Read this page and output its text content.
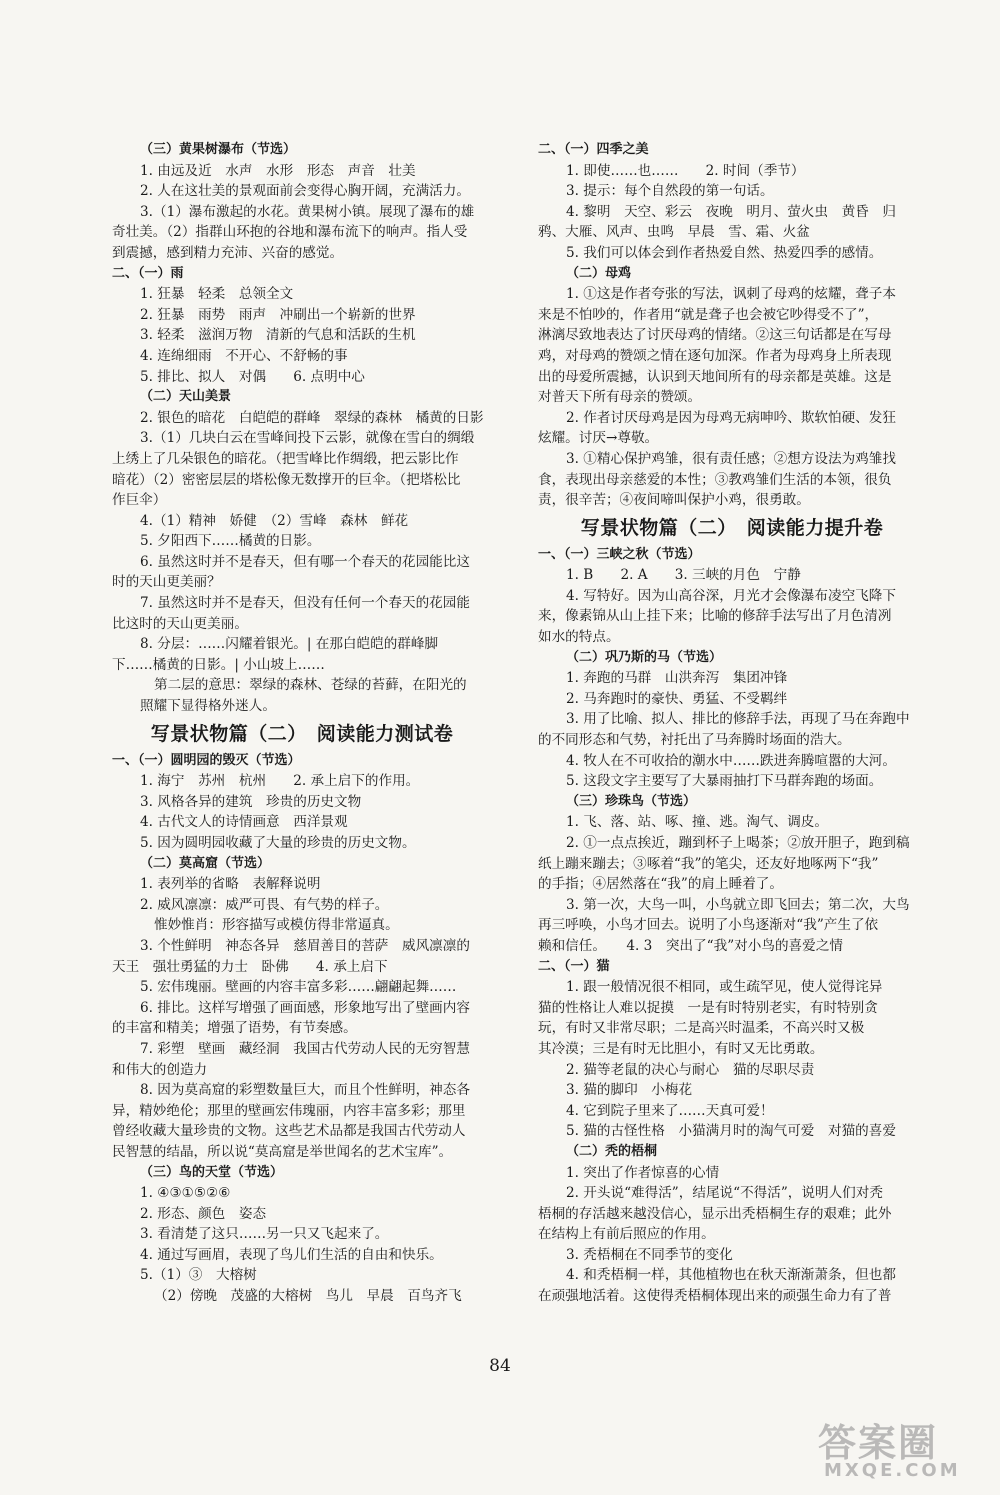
（三）黄果树瀑布（节选）
1. 由远及近　水声　水形　形态　声音　壮美
2. 人在这壮美的景观面前会变得心胸开阔，充满活力。
3.（1）瀑布激起的水花。黄果树小镇。展现了瀑布的雄
奇壮美。（2）指群山环抱的谷地和瀑布流下的响声。指人受
到震撼，感到精力充沛、兴奋的感觉。
二、（一）雨
1. 狂暴　轻柔　总领全文
2. 狂暴　雨势　雨声　冲刷出一个崭新的世界
3. 轻柔　滋润万物　清新的气息和活跃的生机
4. 连绵细雨　不开心、不舒畅的事
5. 排比、拟人　对偶　　6. 点明中心
（二）天山美景
2. 银色的暗花　白皑皑的群峰　翠绿的森林　橘黄的日影
3.（1）几块白云在雪峰间投下云影，就像在雪白的绸缎
上绣上了几朵银色的暗花。（把雪峰比作绸缎，把云影比作
暗花）（2）密密层层的塔松像无数撑开的巨伞。（把塔松比
作巨伞）
4.（1）精神　娇健　（2）雪峰　森林　鲜花
5. 夕阳西下……橘黄的日影。
6. 虽然这时并不是春天，但有哪一个春天的花园能比这
时的天山更美丽？
7. 虽然这时并不是春天，但没有任何一个春天的花园能
比这时的天山更美丽。
8. 分层：……闪耀着银光。| 在那白皑皑的群峰脚
下……橘黄的日影。| 小山坡上……
第二层的意思：翠绿的森林、苍绿的苔藓，在阳光的
照耀下显得格外迷人。
写景状物篇（二）　阅读能力测试卷
一、（一）圆明园的毁灭（节选）
1. 海宁　苏州　杭州　　2. 承上启下的作用。
3. 风格各异的建筑　珍贵的历史文物
4. 古代文人的诗情画意　西洋景观
5. 因为圆明园收藏了大量的珍贵的历史文物。
（二）莫高窟（节选）
1. 表列举的省略　表解释说明
2. 威风凛凛：威严可畏、有气势的样子。
惟妙惟肖：形容描写或模仿得非常逼真。
3. 个性鲜明　神态各异　慈眉善目的菩萨　威风凛凛的
天王　强壮勇猛的力士　卧佛　　4. 承上启下
5. 宏伟瑰丽。壁画的内容丰富多彩……翩翩起舞……
6. 排比。这样写增强了画面感，形象地写出了壁画内容
的丰富和精美；增强了语势，有节奏感。
7. 彩塑　壁画　藏经洞　我国古代劳动人民的无穷智慧
和伟大的创造力
8. 因为莫高窟的彩塑数量巨大，而且个性鲜明，神态各
异，精妙绝伦；那里的壁画宏伟瑰丽，内容丰富多彩；那里
曾经收藏大量珍贵的文物。这些艺术品都是我国古代劳动人
民智慧的结晶，所以说“莫高窟是举世闻名的艺术宝库”。
（三）鸟的天堂（节选）
1. ④③①⑤②⑥
2. 形态、颜色　姿态
3. 看清楚了这只……另一只又飞起来了。
4. 通过写画眉，表现了鸟儿们生活的自由和快乐。
5.（1）③　大榕树
（2）傍晚　茂盛的大榕树　鸟儿　早晨　百鸟齐飞
二、（一）四季之美
1. 即使……也……　　2. 时间（季节）
3. 提示：每个自然段的第一句话。
4. 黎明　天空、彩云　夜晚　明月、萤火虫　黄昏　归
鸦、大雁、风声、虫鸣　早晨　雪、霜、火盆
5. 我们可以体会到作者热爱自然、热爱四季的感情。
（二）母鸡
1. ①这是作者夸张的写法，讽刺了母鸡的炫耀，聋子本
来是不怕吵的，作者用“就是聋子也会被它吵得受不了”，
淋漓尽致地表达了讨厌母鸡的情绪。②这三句话都是在写母
鸡，对母鸡的赞颂之情在逐句加深。作者为母鸡身上所表现
出的母爱所震撼，认识到天地间所有的母亲都是英雄。这是
对普天下所有母亲的赞颂。
2. 作者讨厌母鸡是因为母鸡无病呻吟、欺软怕硬、发狂
炫耀。讨厌→尊敬。
3. ①精心保护鸡雏，很有责任感；②想方设法为鸡雏找
食，表现出母亲慈爱的本性；③教鸡雏们生活的本领，很负
责，很辛苦；④夜间啼叫保护小鸡，很勇敢。
写景状物篇（二）　阅读能力提升卷
一、（一）三峡之秋（节选）
1. B　　2. A　　3. 三峡的月色　宁静
4. 写特好。因为山高谷深，月光才会像瀑布凌空飞降下
来，像素锦从山上挂下来；比喻的修辞手法写出了月色清冽
如水的特点。
（二）巩乃斯的马（节选）
1. 奔跑的马群　山洪奔泻　集团冲锋
2. 马奔跑时的豪快、勇猛、不受羁绊
3. 用了比喻、拟人、排比的修辞手法，再现了马在奔跑中
的不同形态和气势，衬托出了马奔腾时场面的浩大。
4. 牧人在不可收拾的潮水中……跌进奔腾喧嚣的大河。
5. 这段文字主要写了大暴雨抽打下马群奔跑的场面。
（三）珍珠鸟（节选）
1. 飞、落、站、啄、撞、逃。淘气、调皮。
2. ①一点点挨近，蹦到杯子上喝茶；②放开胆子，跑到稿
纸上蹦来蹦去；③啄着“我”的笔尖，还友好地啄两下“我”
的手指；④居然落在“我”的肩上睡着了。
3. 第一次，大鸟一叫，小鸟就立即飞回去；第二次，大鸟
再三呼唤，小鸟才回去。说明了小鸟逐渐对“我”产生了依
赖和信任。　　4. 3　突出了“我”对小鸟的喜爱之情
二、（一）猫
1. 跟一般情况很不相同，或生疏罕见，使人觉得诧异
猫的性格让人难以捉摸　一是有时特别老实，有时特别贪
玩，有时又非常尽职；二是高兴时温柔，不高兴时又极
其冷漠；三是有时无比胆小，有时又无比勇敢。
2. 猫等老鼠的决心与耐心　猫的尽职尽责
3. 猫的脚印　小梅花
4. 它到院子里来了……天真可爱！
5. 猫的古怪性格　小猫满月时的淘气可爱　对猫的喜爱
（二）秃的梧桐
1. 突出了作者惊喜的心情
2. 开头说“难得活”，结尾说“不得活”，说明人们对秃
梧桐的存活越来越没信心，显示出秃梧桐生存的艰难；此外
在结构上有前后照应的作用。
3. 秃梧桐在不同季节的变化
4. 和秃梧桐一样，其他植物也在秋天渐渐萧条，但也都
在顽强地活着。这使得秃梧桐体现出来的顽强生命力有了普
84
答案圈
MXQE.COM
